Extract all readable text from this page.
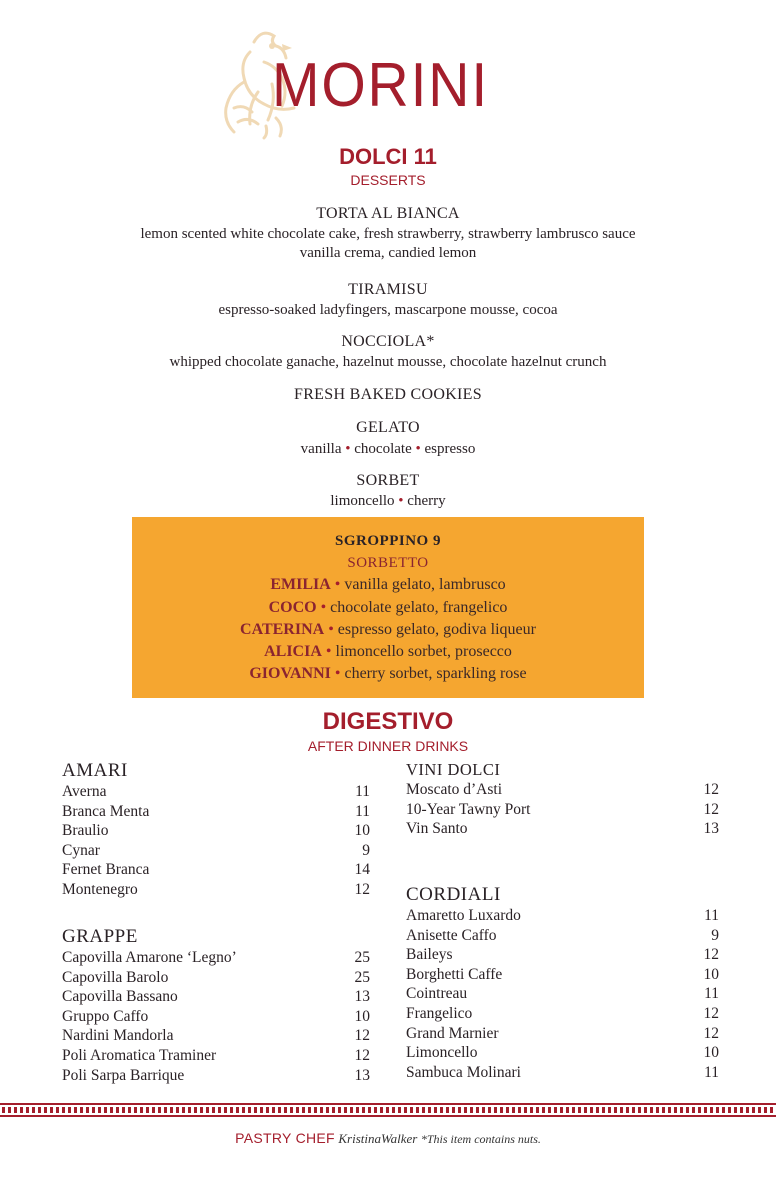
MORINI
DOLCI 11
DESSERTS
TORTA AL BIANCA
lemon scented white chocolate cake, fresh strawberry, strawberry lambrusco sauce
vanilla crema, candied lemon
TIRAMISU
espresso-soaked ladyfingers, mascarpone mousse, cocoa
NOCCIOLA*
whipped chocolate ganache, hazelnut mousse, chocolate hazelnut crunch
FRESH BAKED COOKIES
GELATO
vanilla • chocolate • espresso
SORBET
limoncello • cherry
SGROPPINO 9
SORBETTO
EMILIA • vanilla gelato, lambrusco
COCO • chocolate gelato, frangelico
CATERINA • espresso gelato, godiva liqueur
ALICIA • limoncello sorbet, prosecco
GIOVANNI • cherry sorbet, sparkling rose
DIGESTIVO
AFTER DINNER DRINKS
AMARI
Averna	11
Branca Menta	11
Braulio	10
Cynar	9
Fernet Branca	14
Montenegro	12
GRAPPE
Capovilla Amarone ‘Legno’	25
Capovilla Barolo	25
Capovilla Bassano	13
Gruppo Caffo	10
Nardini Mandorla	12
Poli Aromatica Traminer	12
Poli Sarpa Barrique	13
VINI DOLCI
Moscato d’Asti	12
10-Year Tawny Port	12
Vin Santo	13
CORDIALI
Amaretto Luxardo	11
Anisette Caffo	9
Baileys	12
Borghetti Caffe	10
Cointreau	11
Frangelico	12
Grand Marnier	12
Limoncello	10
Sambuca Molinari	11
PASTRY CHEF KristinaWalker *This item contains nuts.
